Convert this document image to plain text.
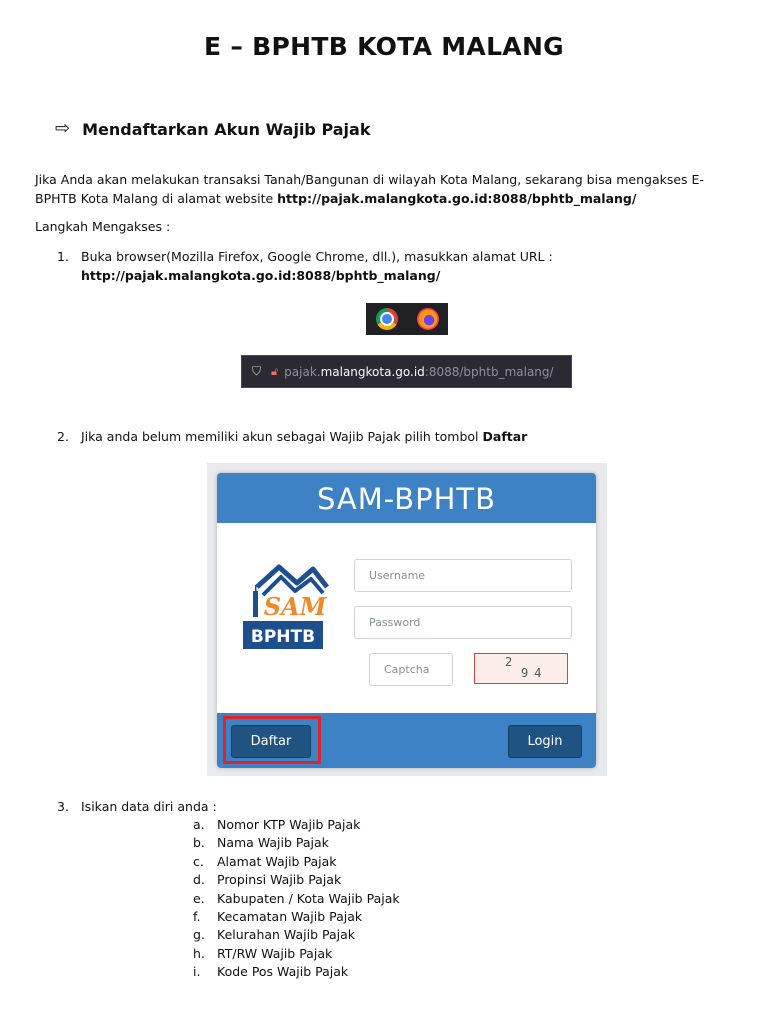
E – BPHTB KOTA MALANG
⇨ Mendaftarkan Akun Wajib Pajak
Jika Anda akan melakukan transaksi Tanah/Bangunan di wilayah Kota Malang, sekarang bisa mengakses E-BPHTB Kota Malang di alamat website http://pajak.malangkota.go.id:8088/bphtb_malang/
Langkah Mengakses :
1. Buka browser(Mozilla Firefox, Google Chrome, dll.), masukkan alamat URL :
http://pajak.malangkota.go.id:8088/bphtb_malang/
⛉ 🔓︎ pajak. malangkota.go.id :8088/bphtb_malang/
2. Jika anda belum memiliki akun sebagai Wajib Pajak pilih tombol Daftar
SAM-BPHTB
SAM
BPHTB
Username
Password
Captcha
2
94
Daftar	Login
3. Isikan data diri anda :
a. Nomor KTP Wajib Pajak
b. Nama Wajib Pajak
c.	Alamat Wajib Pajak
d. Propinsi Wajib Pajak
e. Kabupaten / Kota Wajib Pajak
f.	Kecamatan Wajib Pajak
g. Kelurahan Wajib Pajak
h. RT/RW Wajib Pajak
i.	Kode Pos Wajib Pajak
